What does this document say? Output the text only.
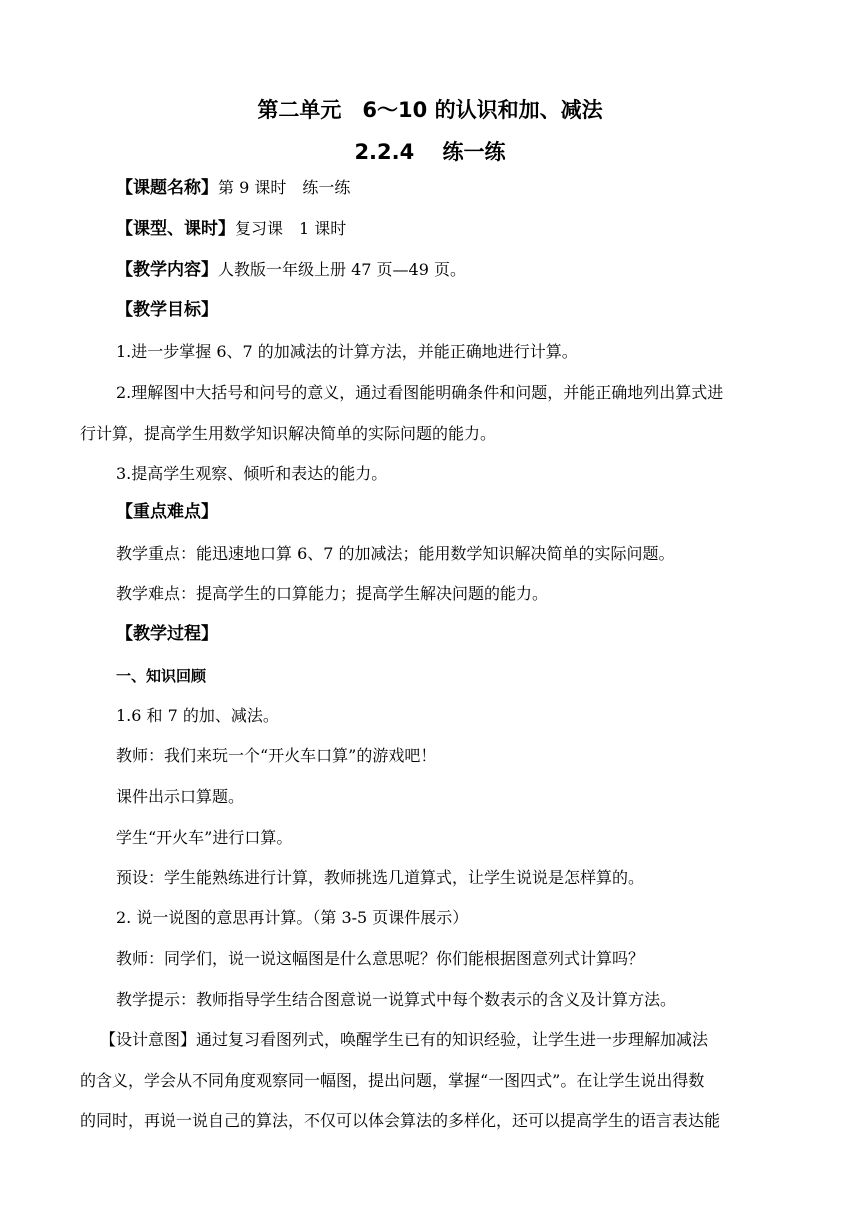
第二单元　6～10 的认识和加、减法
2.2.4　 练一练
【课题名称】第 9 课时　练一练
【课型、课时】复习课　1 课时
【教学内容】人教版一年级上册 47 页—49 页。
【教学目标】
1.进一步掌握 6、7 的加减法的计算方法，并能正确地进行计算。
2.理解图中大括号和问号的意义，通过看图能明确条件和问题，并能正确地列出算式进
行计算，提高学生用数学知识解决简单的实际问题的能力。
3.提高学生观察、倾听和表达的能力。
【重点难点】
教学重点：能迅速地口算 6、7 的加减法；能用数学知识解决简单的实际问题。
教学难点：提高学生的口算能力；提高学生解决问题的能力。
【教学过程】
一、知识回顾
1.6 和 7 的加、减法。
教师：我们来玩一个“开火车口算”的游戏吧！
课件出示口算题。
学生“开火车”进行口算。
预设：学生能熟练进行计算，教师挑选几道算式，让学生说说是怎样算的。
2. 说一说图的意思再计算。（第 3-5 页课件展示）
教师：同学们，说一说这幅图是什么意思呢？你们能根据图意列式计算吗？
教学提示：教师指导学生结合图意说一说算式中每个数表示的含义及计算方法。
【设计意图】通过复习看图列式，唤醒学生已有的知识经验，让学生进一步理解加减法
的含义，学会从不同角度观察同一幅图，提出问题，掌握“一图四式”。在让学生说出得数
的同时，再说一说自己的算法，不仅可以体会算法的多样化，还可以提高学生的语言表达能
